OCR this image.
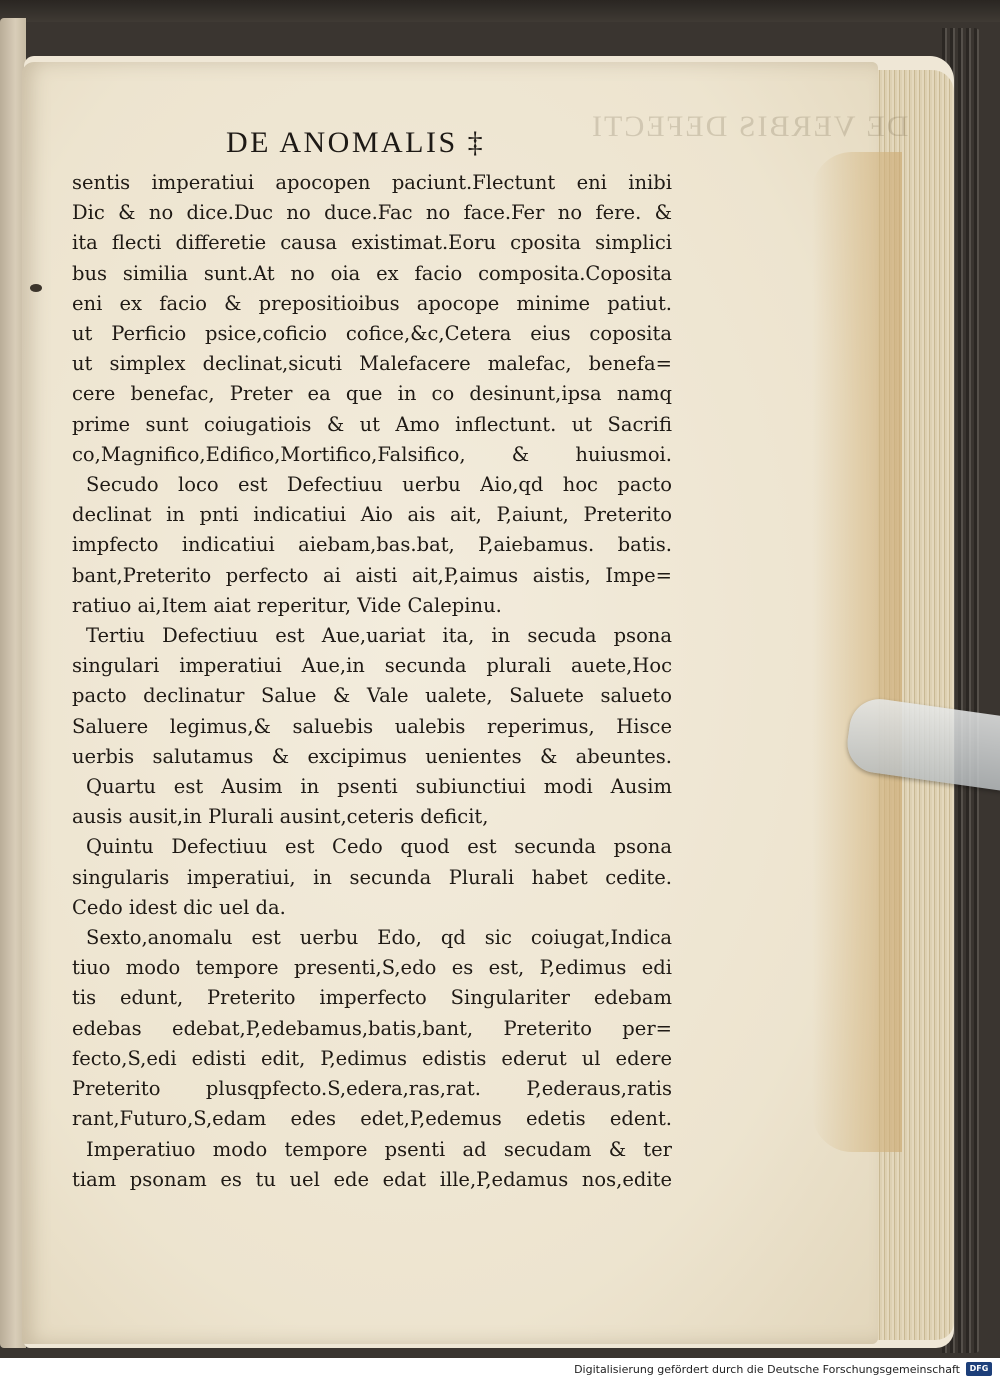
DE VERBIS DEFECTI
DE ANOMALIS ‡
sentis imperatiui apocopen paciunt.Flectunt eni inibi
Dic & no dice.Duc no duce.Fac no face.Fer no fere. &
ita flecti differetie causa existimat.Eoru cposita simplici
bus similia sunt.At no oia ex facio composita.Coposita
eni ex facio & prepositioibus apocope minime patiut.
ut Perficio psice,coficio cofice,&c,Cetera eius coposita
ut simplex declinat,sicuti Malefacere malefac, benefa=
cere benefac, Preter ea que in co desinunt,ipsa namq
prime sunt coiugatiois & ut Amo inflectunt. ut Sacrifi
co,Magnifico,Edifico,Mortifico,Falsifico, & huiusmoi.
Secudo loco est Defectiuu uerbu Aio,qd hoc pacto
declinat in pnti indicatiui Aio ais ait, P,aiunt, Preterito
impfecto indicatiui aiebam,bas.bat, P,aiebamus. batis.
bant,Preterito perfecto ai aisti ait,P,aimus aistis, Impe=
ratiuo ai,Item aiat reperitur, Vide Calepinu.
Tertiu Defectiuu est Aue,uariat ita, in secuda psona
singulari imperatiui Aue,in secunda plurali auete,Hoc
pacto declinatur Salue & Vale ualete, Saluete salueto
Saluere legimus,& saluebis ualebis reperimus, Hisce
uerbis salutamus & excipimus uenientes & abeuntes.
Quartu est Ausim in psenti subiunctiui modi Ausim
ausis ausit,in Plurali ausint,ceteris deficit,
Quintu Defectiuu est Cedo quod est secunda psona
singularis imperatiui, in secunda Plurali habet cedite.
Cedo idest dic uel da.
Sexto,anomalu est uerbu Edo, qd sic coiugat,Indica
tiuo modo tempore presenti,S,edo es est, P,edimus edi
tis edunt, Preterito imperfecto Singulariter edebam
edebas edebat,P,edebamus,batis,bant, Preterito per=
fecto,S,edi edisti edit, P,edimus edistis ederut ul edere
Preterito plusqpfecto.S,edera,ras,rat. P,ederaus,ratis
rant,Futuro,S,edam edes edet,P,edemus edetis edent.
Imperatiuo modo tempore psenti ad secudam & ter
tiam psonam es tu uel ede edat ille,P,edamus nos,edite
Digitalisierung gefördert durch die Deutsche Forschungsgemeinschaft	DFG
